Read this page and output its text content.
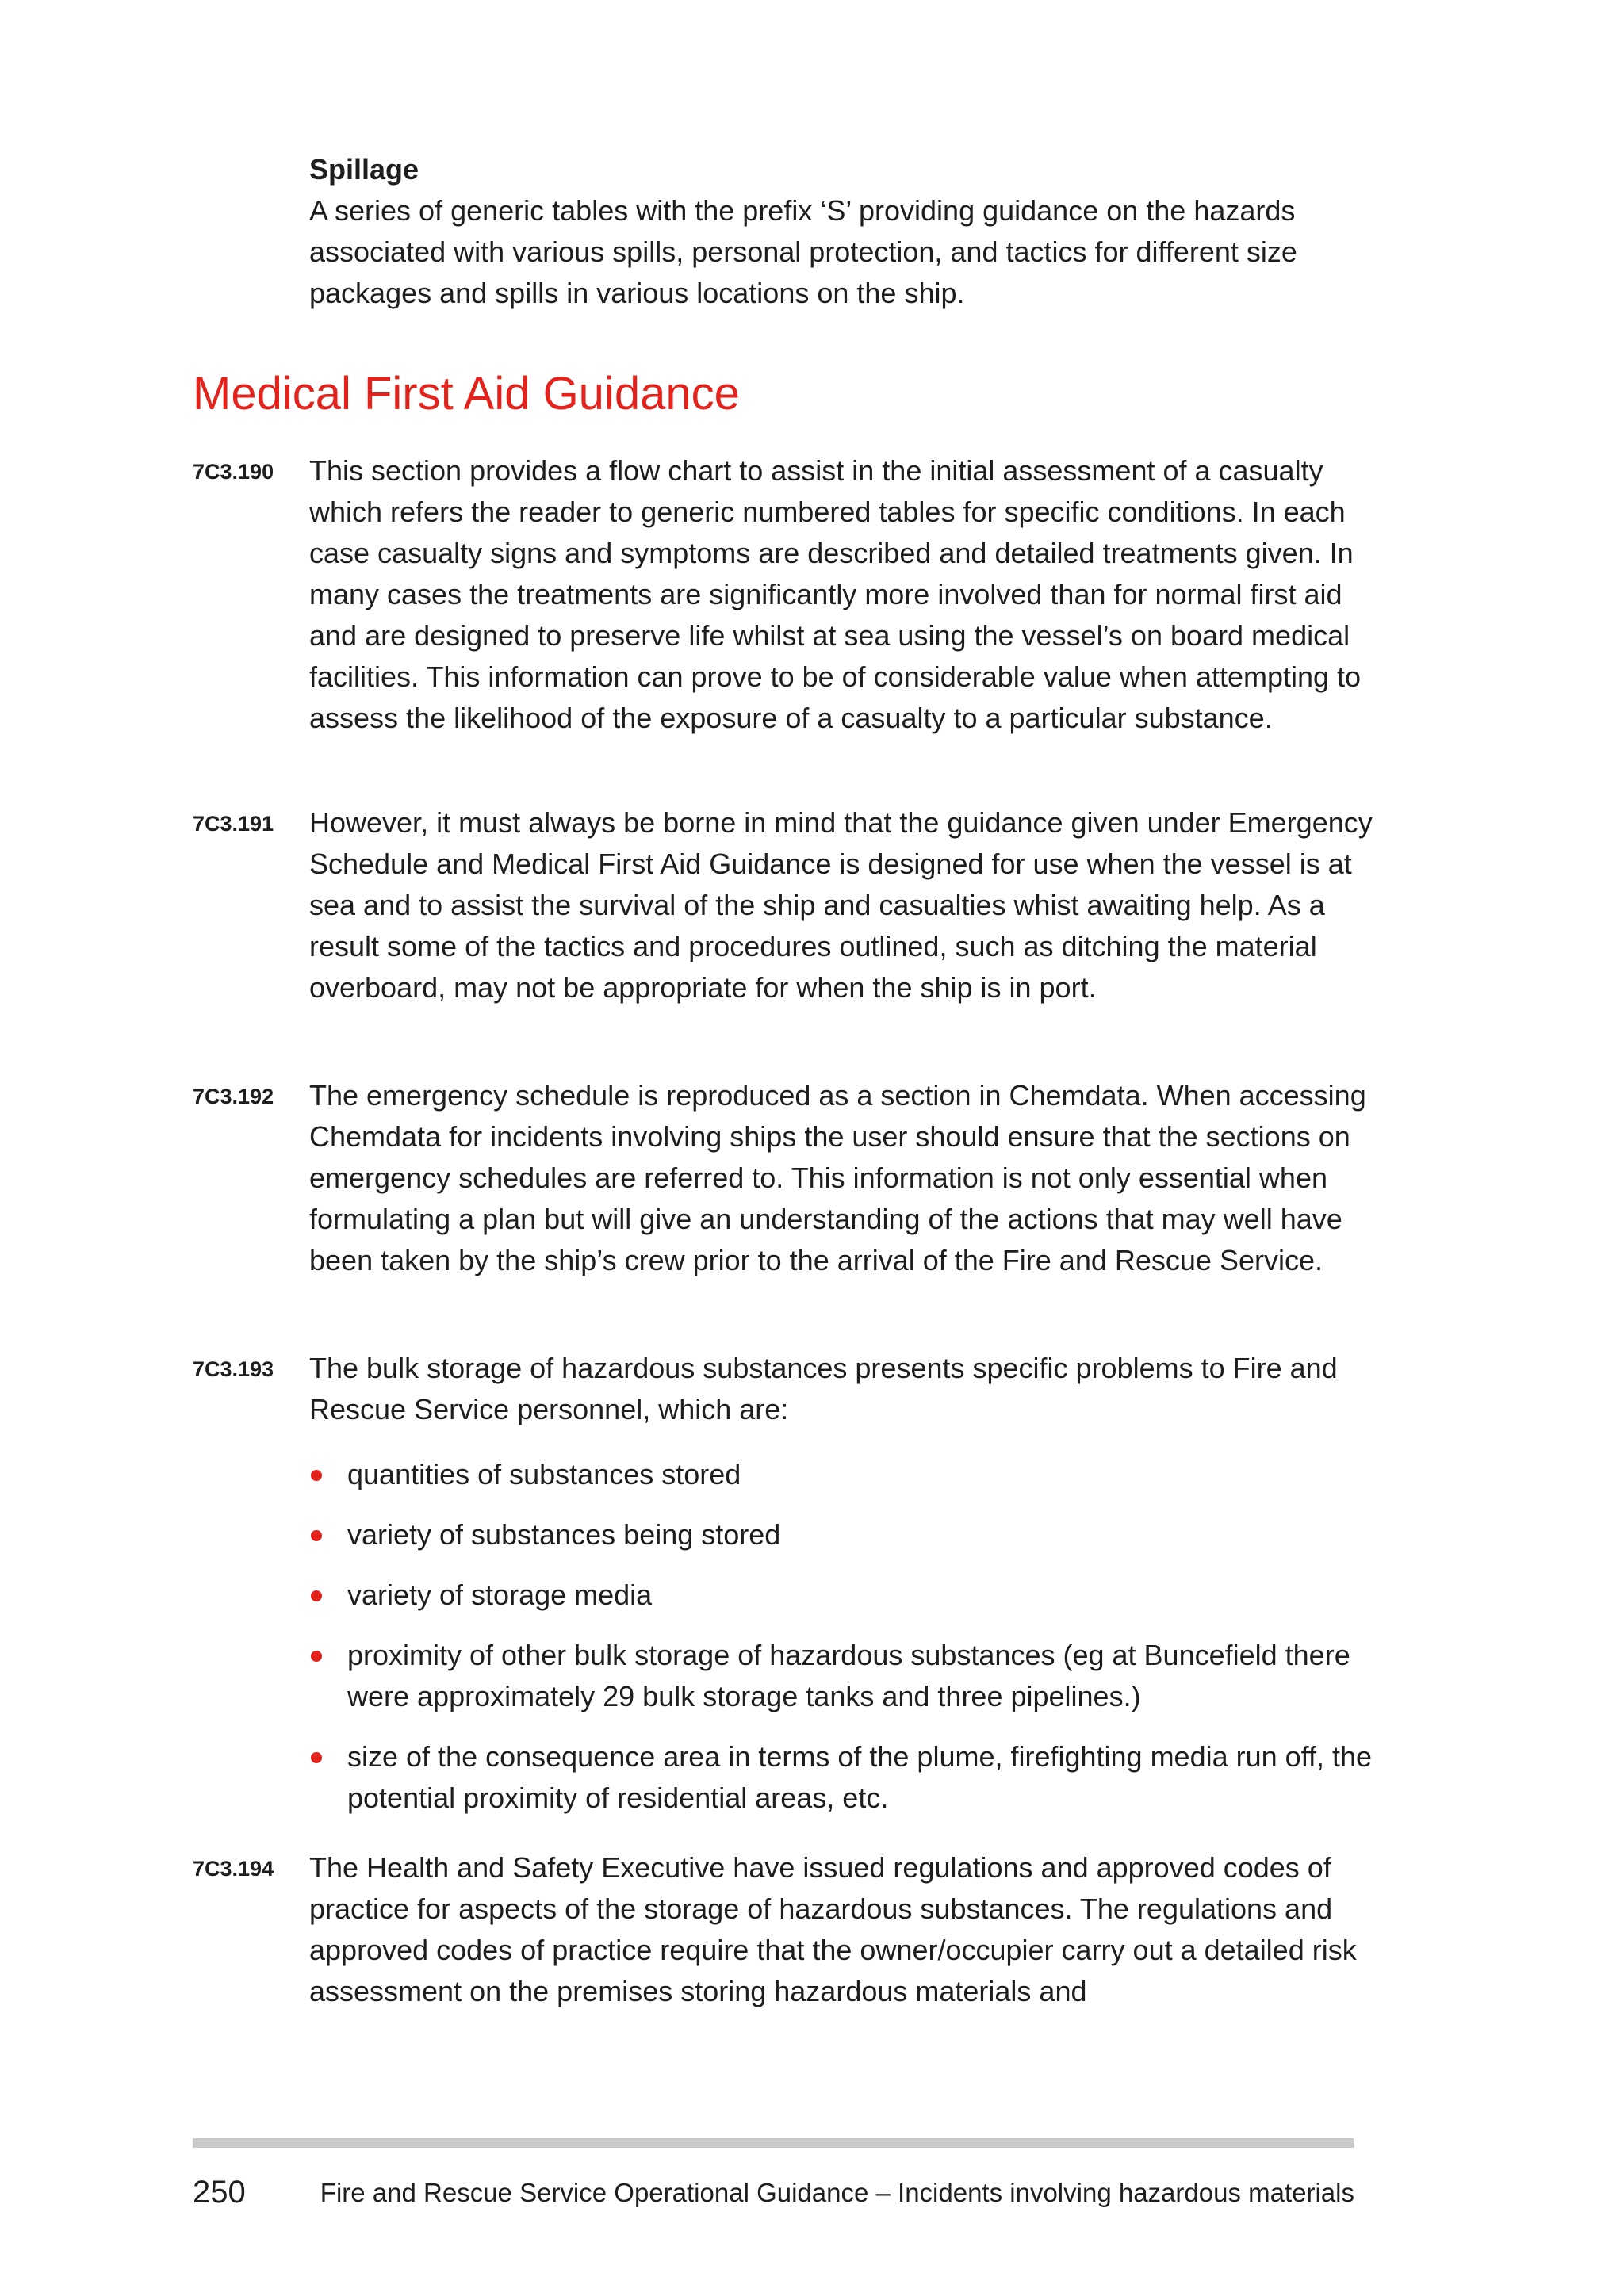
Spillage
A series of generic tables with the prefix ‘S’ providing guidance on the hazards associated with various spills, personal protection, and tactics for different size packages and spills in various locations on the ship.
Medical First Aid Guidance
7C3.190 This section provides a flow chart to assist in the initial assessment of a casualty which refers the reader to generic numbered tables for specific conditions. In each case casualty signs and symptoms are described and detailed treatments given. In many cases the treatments are significantly more involved than for normal first aid and are designed to preserve life whilst at sea using the vessel’s on board medical facilities. This information can prove to be of considerable value when attempting to assess the likelihood of the exposure of a casualty to a particular substance.
7C3.191 However, it must always be borne in mind that the guidance given under Emergency Schedule and Medical First Aid Guidance is designed for use when the vessel is at sea and to assist the survival of the ship and casualties whist awaiting help. As a result some of the tactics and procedures outlined, such as ditching the material overboard, may not be appropriate for when the ship is in port.
7C3.192 The emergency schedule is reproduced as a section in Chemdata. When accessing Chemdata for incidents involving ships the user should ensure that the sections on emergency schedules are referred to. This information is not only essential when formulating a plan but will give an understanding of the actions that may well have been taken by the ship’s crew prior to the arrival of the Fire and Rescue Service.
7C3.193 The bulk storage of hazardous substances presents specific problems to Fire and Rescue Service personnel, which are:
quantities of substances stored
variety of substances being stored
variety of storage media
proximity of other bulk storage of hazardous substances (eg at Buncefield there were approximately 29 bulk storage tanks and three pipelines.)
size of the consequence area in terms of the plume, firefighting media run off, the potential proximity of residential areas, etc.
7C3.194 The Health and Safety Executive have issued regulations and approved codes of practice for aspects of the storage of hazardous substances. The regulations and approved codes of practice require that the owner/occupier carry out a detailed risk assessment on the premises storing hazardous materials and
250	Fire and Rescue Service Operational Guidance – Incidents involving hazardous materials
